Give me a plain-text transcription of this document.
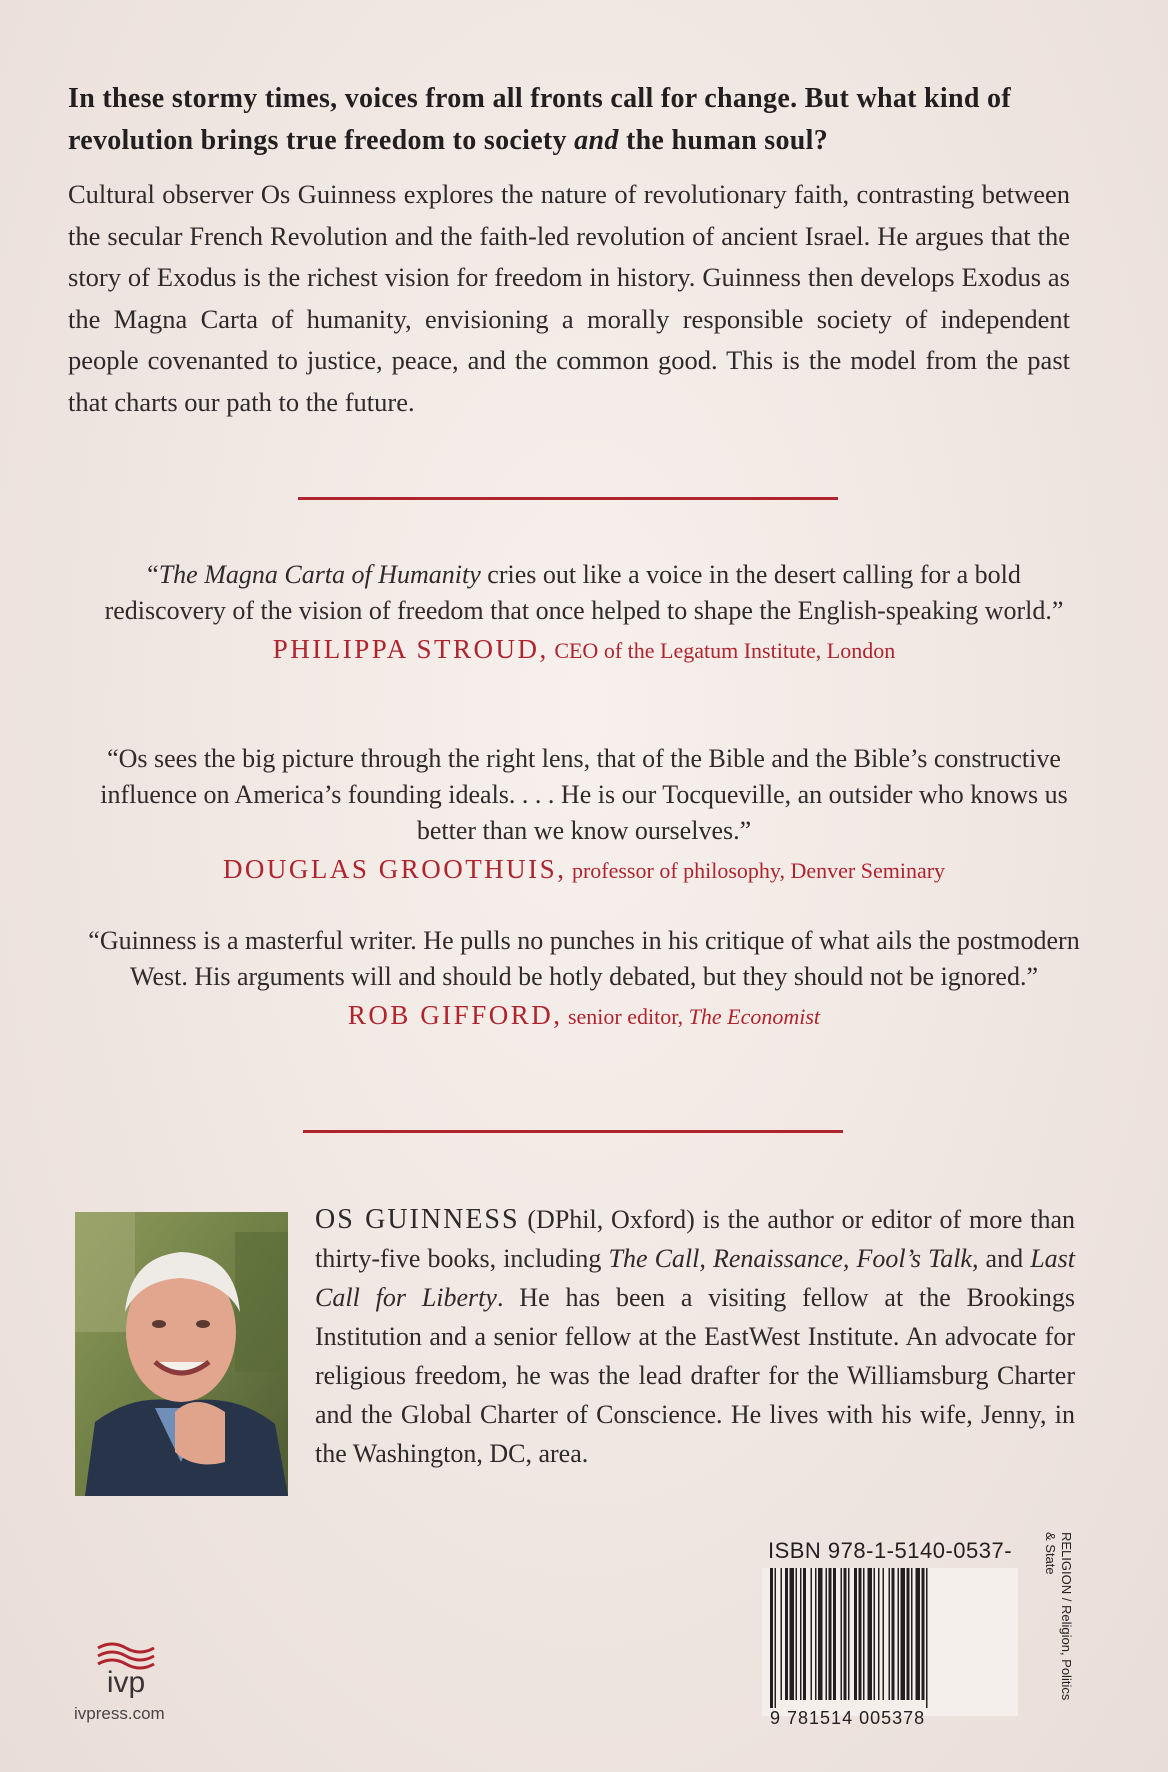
In these stormy times, voices from all fronts call for change. But what kind of revolution brings true freedom to society and the human soul?
Cultural observer Os Guinness explores the nature of revolutionary faith, contrasting between the secular French Revolution and the faith-led revolution of ancient Israel. He argues that the story of Exodus is the richest vision for freedom in history. Guinness then develops Exodus as the Magna Carta of humanity, envisioning a morally responsible society of independent people covenanted to justice, peace, and the common good. This is the model from the past that charts our path to the future.
“The Magna Carta of Humanity cries out like a voice in the desert calling for a bold rediscovery of the vision of freedom that once helped to shape the English-speaking world.”
PHILIPPA STROUD, CEO of the Legatum Institute, London
“Os sees the big picture through the right lens, that of the Bible and the Bible’s constructive influence on America’s founding ideals. . . . He is our Tocqueville, an outsider who knows us better than we know ourselves.”
DOUGLAS GROOTHUIS, professor of philosophy, Denver Seminary
“Guinness is a masterful writer. He pulls no punches in his critique of what ails the postmodern West. His arguments will and should be hotly debated, but they should not be ignored.”
ROB GIFFORD, senior editor, The Economist
OS GUINNESS (DPhil, Oxford) is the author or editor of more than thirty-five books, including The Call, Renaissance, Fool’s Talk, and Last Call for Liberty. He has been a visiting fellow at the Brookings Institution and a senior fellow at the EastWest Institute. An advocate for religious freedom, he was the lead drafter for the Williamsburg Charter and the Global Charter of Conscience. He lives with his wife, Jenny, in the Washington, DC, area.
ISBN 978-1-5140-0537-
9 781514 005378
RELIGION / Religion, Politics
& State
ivp
ivpress.com
